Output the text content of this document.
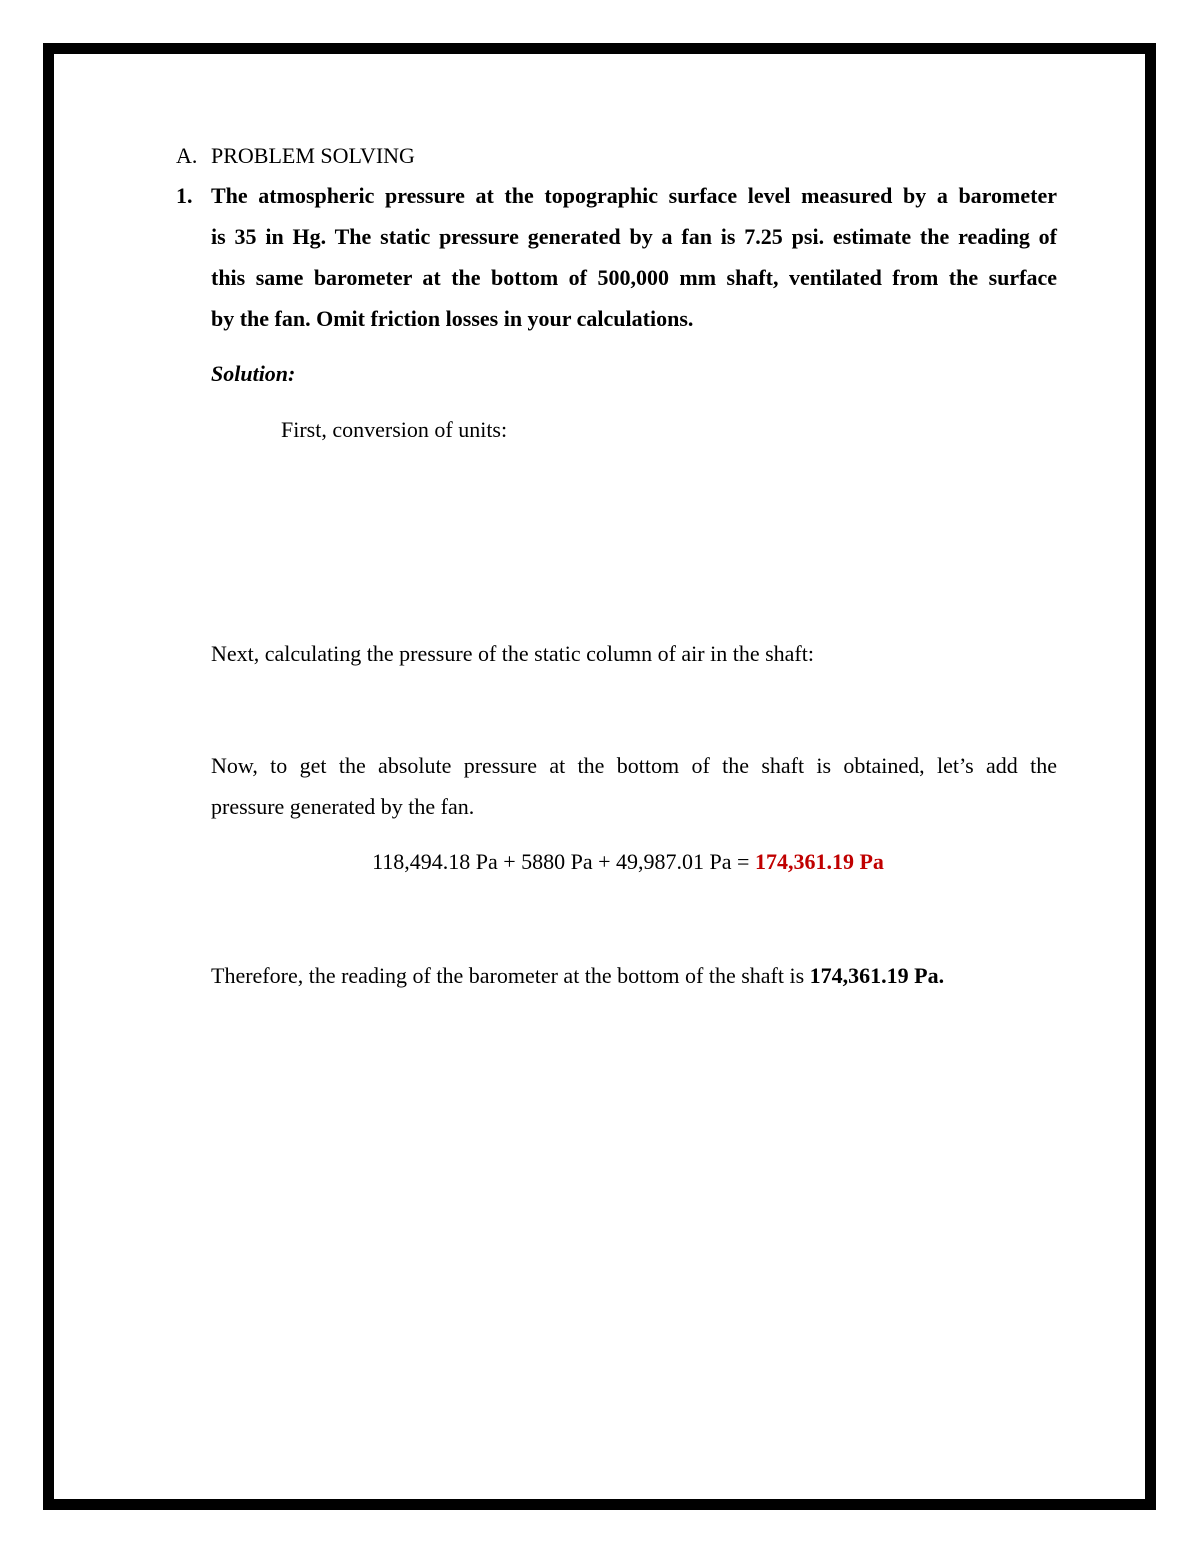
A. PROBLEM SOLVING
1. The atmospheric pressure at the topographic surface level measured by a barometer
is 35 in Hg. The static pressure generated by a fan is 7.25 psi. estimate the reading of
this same barometer at the bottom of 500,000 mm shaft, ventilated from the surface
by the fan. Omit friction losses in your calculations.
Solution:
First, conversion of units:
Next, calculating the pressure of the static column of air in the shaft:
Now, to get the absolute pressure at the bottom of the shaft is obtained, let’s add the
pressure generated by the fan.
118,494.18 Pa + 5880 Pa + 49,987.01 Pa = 174,361.19 Pa
Therefore, the reading of the barometer at the bottom of the shaft is 174,361.19 Pa.
